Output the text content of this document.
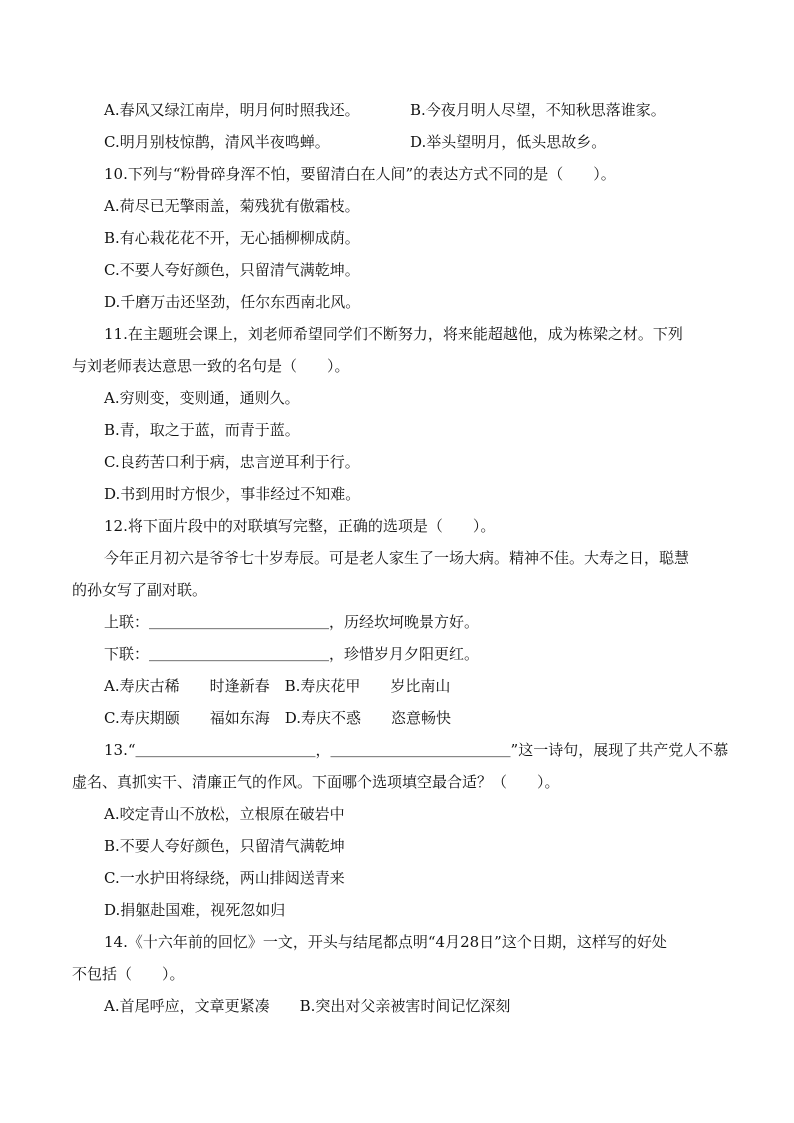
A.春风又绿江南岸，明月何时照我还。	B.今夜月明人尽望，不知秋思落谁家。
C.明月别枝惊鹊，清风半夜鸣蝉。	D.举头望明月，低头思故乡。
10.下列与“粉骨碎身浑不怕，要留清白在人间”的表达方式不同的是（　　）。
A.荷尽已无擎雨盖，菊残犹有傲霜枝。
B.有心栽花花不开，无心插柳柳成荫。
C.不要人夸好颜色，只留清气满乾坤。
D.千磨万击还坚劲，任尔东西南北风。
11.在主题班会课上，刘老师希望同学们不断努力，将来能超越他，成为栋梁之材。下列
与刘老师表达意思一致的名句是（　　）。
A.穷则变，变则通，通则久。
B.青，取之于蓝，而青于蓝。
C.良药苦口利于病，忠言逆耳利于行。
D.书到用时方恨少，事非经过不知难。
12.将下面片段中的对联填写完整，正确的选项是（　　）。
今年正月初六是爷爷七十岁寿辰。可是老人家生了一场大病。精神不佳。大寿之日，聪慧
的孙女写了副对联。
上联：＿＿＿＿＿＿＿＿＿＿＿＿，历经坎坷晚景方好。
下联：＿＿＿＿＿＿＿＿＿＿＿＿，珍惜岁月夕阳更红。
A.寿庆古稀　　时逢新春　B.寿庆花甲　　岁比南山
C.寿庆期颐　　福如东海　D.寿庆不惑　　恣意畅快
13.“＿＿＿＿＿＿＿＿＿＿＿＿，＿＿＿＿＿＿＿＿＿＿＿＿”这一诗句，展现了共产党人不慕
虚名、真抓实干、清廉正气的作风。下面哪个选项填空最合适？（　　）。
A.咬定青山不放松，立根原在破岩中
B.不要人夸好颜色，只留清气满乾坤
C.一水护田将绿绕，两山排闼送青来
D.捐躯赴国难，视死忽如归
14.《十六年前的回忆》一文，开头与结尾都点明“4月28日”这个日期，这样写的好处
不包括（　　）。
A.首尾呼应，文章更紧凑　　B.突出对父亲被害时间记忆深刻
